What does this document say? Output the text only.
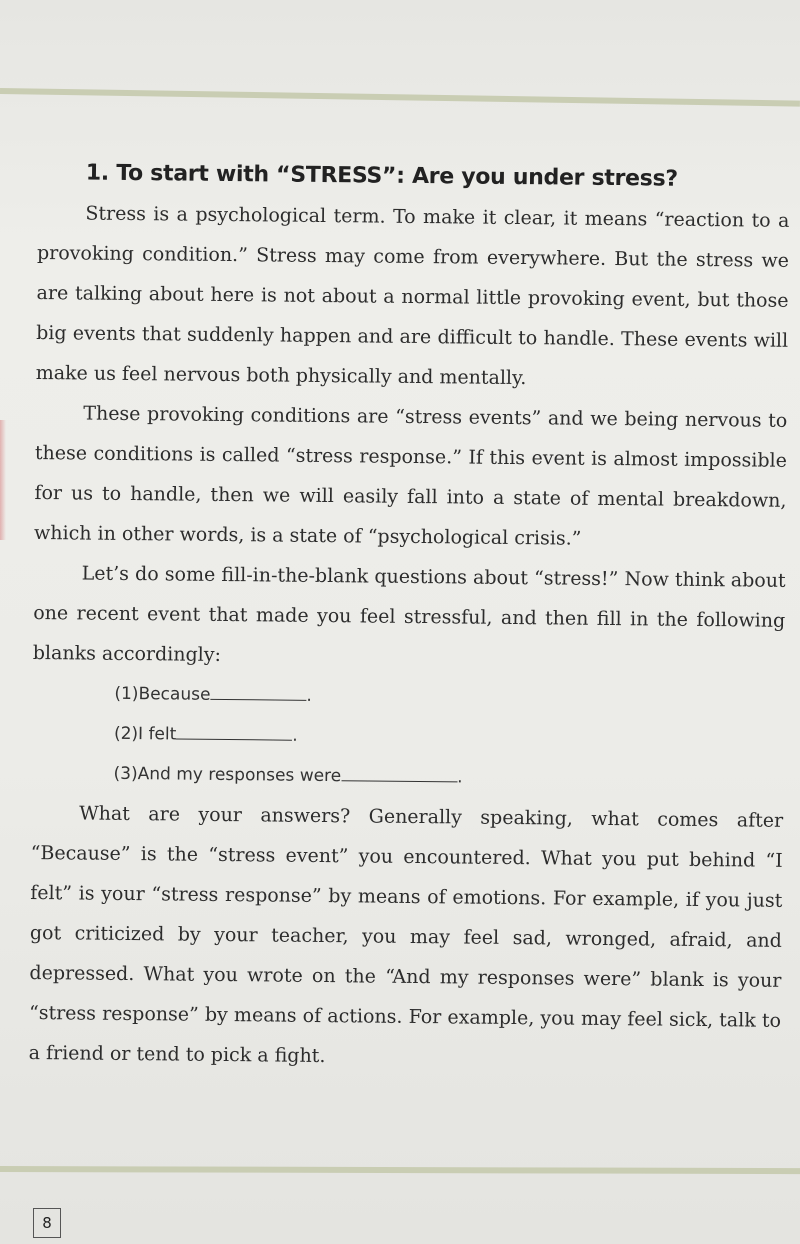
1. To start with “STRESS”: Are you under stress?

Stress is a psychological term. To make it clear, it means “reaction to a provoking condition.” Stress may come from everywhere. But the stress we are talking about here is not about a normal little provoking event, but those big events that suddenly happen and are difficult to handle. These events will make us feel nervous both physically and mentally.

These provoking conditions are “stress events” and we being nervous to these conditions is called “stress response.” If this event is almost impossible for us to handle, then we will easily fall into a state of mental breakdown, which in other words, is a state of “psychological crisis.”

Let’s do some fill-in-the-blank questions about “stress!” Now think about one recent event that made you feel stressful, and then fill in the following blanks accordingly:

(1)Because	.
(2)I felt	.
(3)And my responses were	.

What are your answers? Generally speaking, what comes after “Because” is the “stress event” you encountered. What you put behind “I felt” is your “stress response” by means of emotions. For example, if you just got criticized by your teacher, you may feel sad, wronged, afraid, and depressed. What you wrote on the “And my responses were” blank is your “stress response” by means of actions. For example, you may feel sick, talk to a friend or tend to pick a fight.

8
